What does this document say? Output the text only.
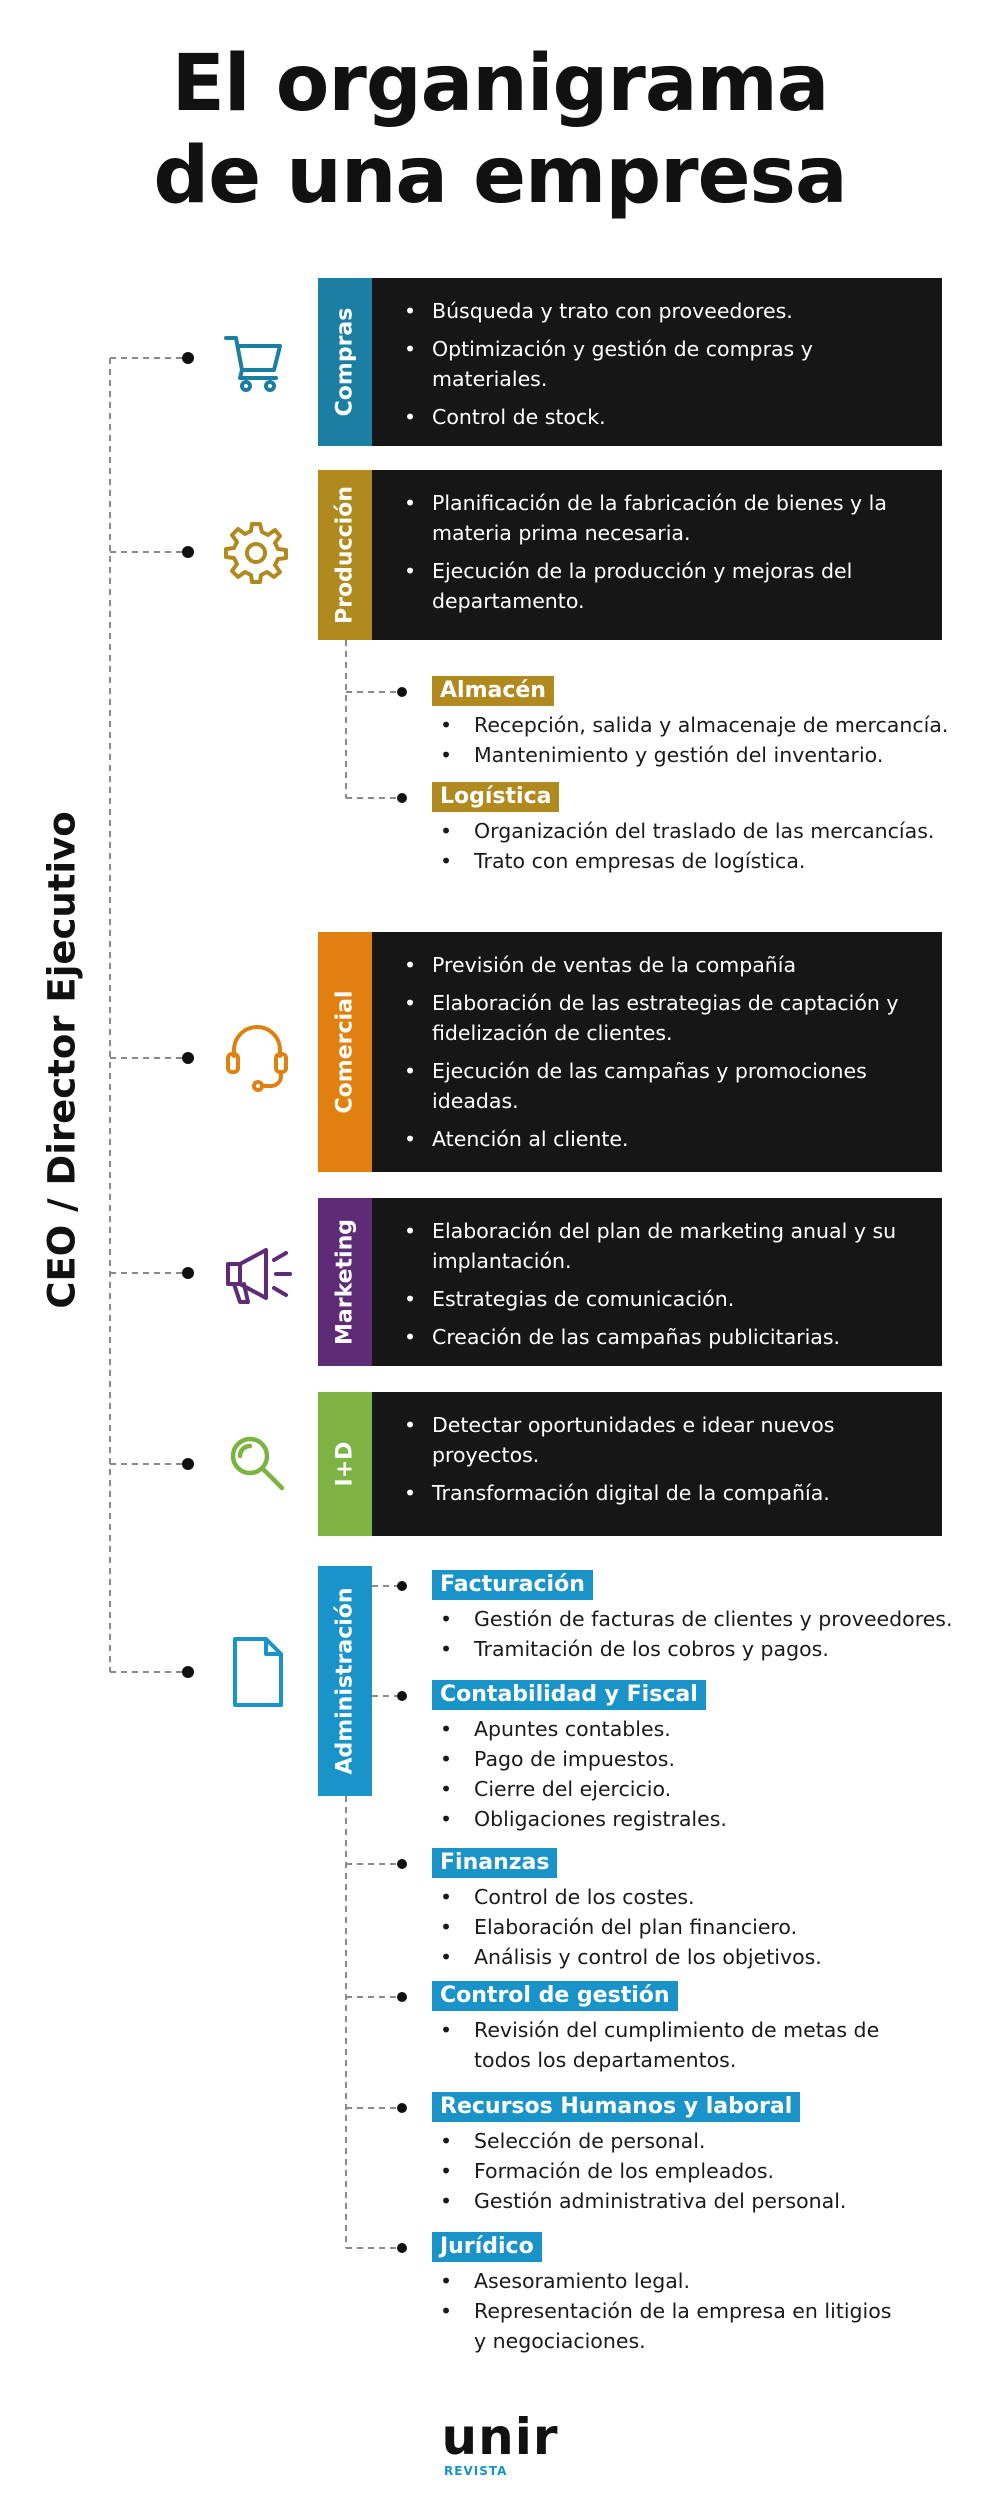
El organigrama
de una empresa
CEO / Director Ejecutivo
Compras	• Búsqueda y trato con proveedores.
• Optimización y gestión de compras y materiales.
• Control de stock.
Producción	• Planificación de la fabricación de bienes y la materia prima necesaria.
• Ejecución de la producción y mejoras del departamento.
Almacén
• Recepción, salida y almacenaje de mercancía.
• Mantenimiento y gestión del inventario.
Logística
• Organización del traslado de las mercancías.
• Trato con empresas de logística.
Comercial
• Previsión de ventas de la compañía
• Elaboración de las estrategias de captación y fidelización de clientes.
• Ejecución de las campañas y promociones ideadas.
• Atención al cliente.
Marketing	• Elaboración del plan de marketing anual y su implantación.
• Estrategias de comunicación.
• Creación de las campañas publicitarias.
I+D
• Detectar oportunidades e idear nuevos proyectos.
• Transformación digital de la compañía.
Administración
Facturación
• Gestión de facturas de clientes y proveedores.
• Tramitación de los cobros y pagos.
Contabilidad y Fiscal
• Apuntes contables.
• Pago de impuestos.
• Cierre del ejercicio.
• Obligaciones registrales.
Finanzas
• Control de los costes.
• Elaboración del plan financiero.
• Análisis y control de los objetivos.
Control de gestión
• Revisión del cumplimiento de metas de todos los departamentos.
Recursos Humanos y laboral
• Selección de personal.
• Formación de los empleados.
• Gestión administrativa del personal.
Jurídico
• Asesoramiento legal.
• Representación de la empresa en litigios y negociaciones.
unir
REVISTA
